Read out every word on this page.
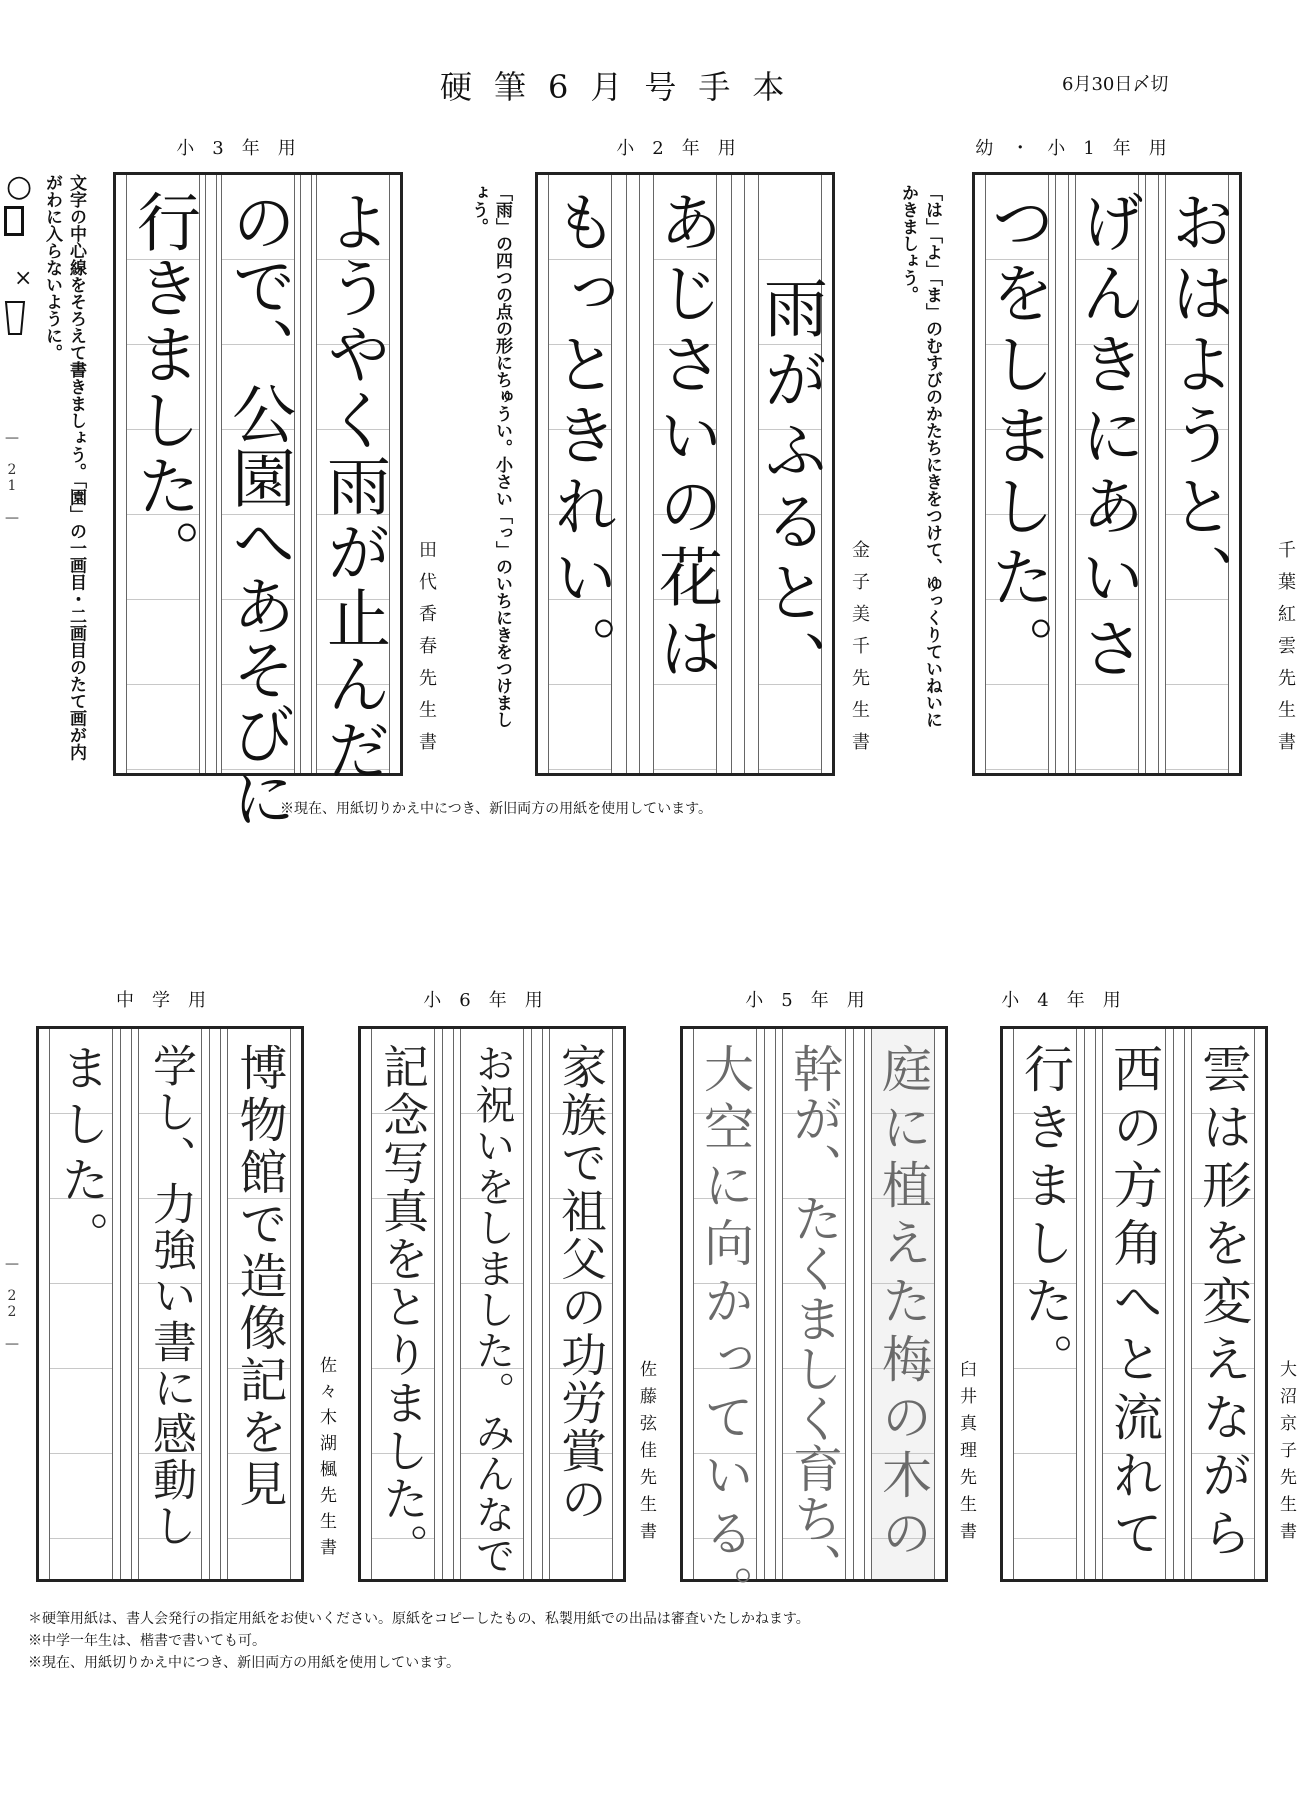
硬筆6月号手本	6月30日〆切
幼・小1年用
おはようと、
げんきにあいさ
つをしました。	千葉紅雲先生書
「は」「よ」「ま」のむすびのかたちにきをつけて、ゆっくりていねいにかきましょう。
小2年用
雨がふると、
あじさいの花は
もっときれい。	金子美千先生書
「雨」の四つの点の形にちゅうい。小さい「っ」のいちにきをつけましょう。
小3年用
ようやく雨が止んだ
ので、公園へあそびに
行きました。
田代香春先生書
文字の中心線をそろえて書きましょう。「園」の一画目・二画目のたて画が内がわに入らないように。
○
×
— 21 —
— 22 —
※現在、用紙切りかえ中につき、新旧両方の用紙を使用しています。
小4年用
雲は形を変えながら
西の方角へと流れて
行きました。
大沼京子先生書
小5年用
庭に植えた梅の木の
幹が、たくましく育ち、
大空に向かっている。	臼井真理先生書
小6年用
家族で祖父の功労賞の
お祝いをしました。みんなで
記念写真をとりました。	佐藤弦佳先生書
中学用
博物館で造像記を見
学し、力強い書に感動し
ました。
佐々木湖楓先生書
＊硬筆用紙は、書人会発行の指定用紙をお使いください。原紙をコピーしたもの、私製用紙での出品は審査いたしかねます。
※中学一年生は、楷書で書いても可。
※現在、用紙切りかえ中につき、新旧両方の用紙を使用しています。
